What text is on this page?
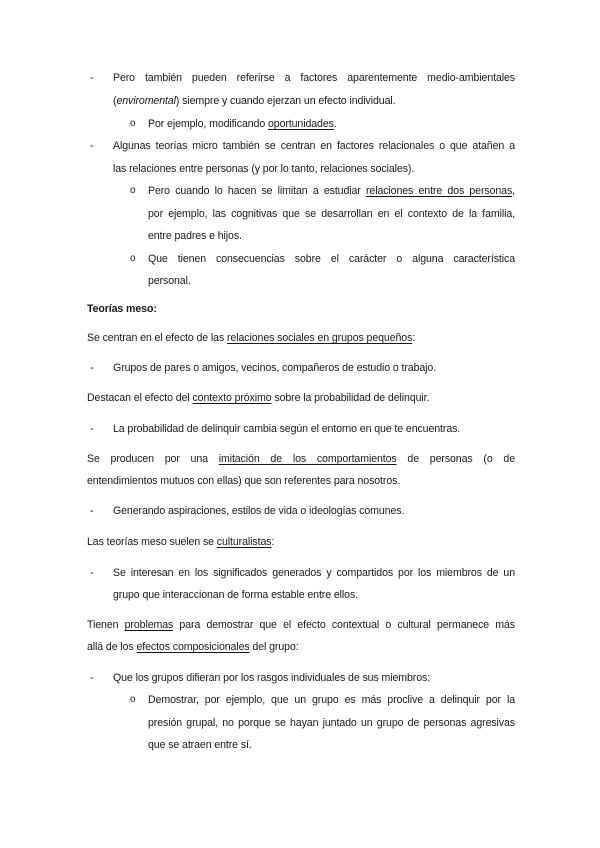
- Pero también pueden referirse a factores aparentemente medio-ambientales
(enviromental) siempre y cuando ejerzan un efecto individual.
o Por ejemplo, modificando oportunidades.
- Algunas teorías micro también se centran en factores relacionales o que atañen a
las relaciones entre personas (y por lo tanto, relaciones sociales).
o Pero cuando lo hacen se limitan a estudiar relaciones entre dos personas,
por ejemplo, las cognitivas que se desarrollan en el contexto de la familia,
entre padres e hijos.
o Que tienen consecuencias sobre el carácter o alguna característica
personal.
Teorías meso:
Se centran en el efecto de las relaciones sociales en grupos pequeños:
- Grupos de pares o amigos, vecinos, compañeros de estudio o trabajo.
Destacan el efecto del contexto próximo sobre la probabilidad de delinquir.
- La probabilidad de delinquir cambia según el entorno en que te encuentras.
Se producen por una imitación de los comportamientos de personas (o de
entendimientos mutuos con ellas) que son referentes para nosotros.
- Generando aspiraciones, estilos de vida o ideologías comunes.
Las teorías meso suelen se culturalistas:
- Se interesan en los significados generados y compartidos por los miembros de un
grupo que interaccionan de forma estable entre ellos.
Tienen problemas para demostrar que el efecto contextual o cultural permanece más
allá de los efectos composicionales del grupo:
- Que los grupos difieran por los rasgos individuales de sus miembros:
o Demostrar, por ejemplo, que un grupo es más proclive a delinquir por la
presión grupal, no porque se hayan juntado un grupo de personas agresivas
que se atraen entre sí.
